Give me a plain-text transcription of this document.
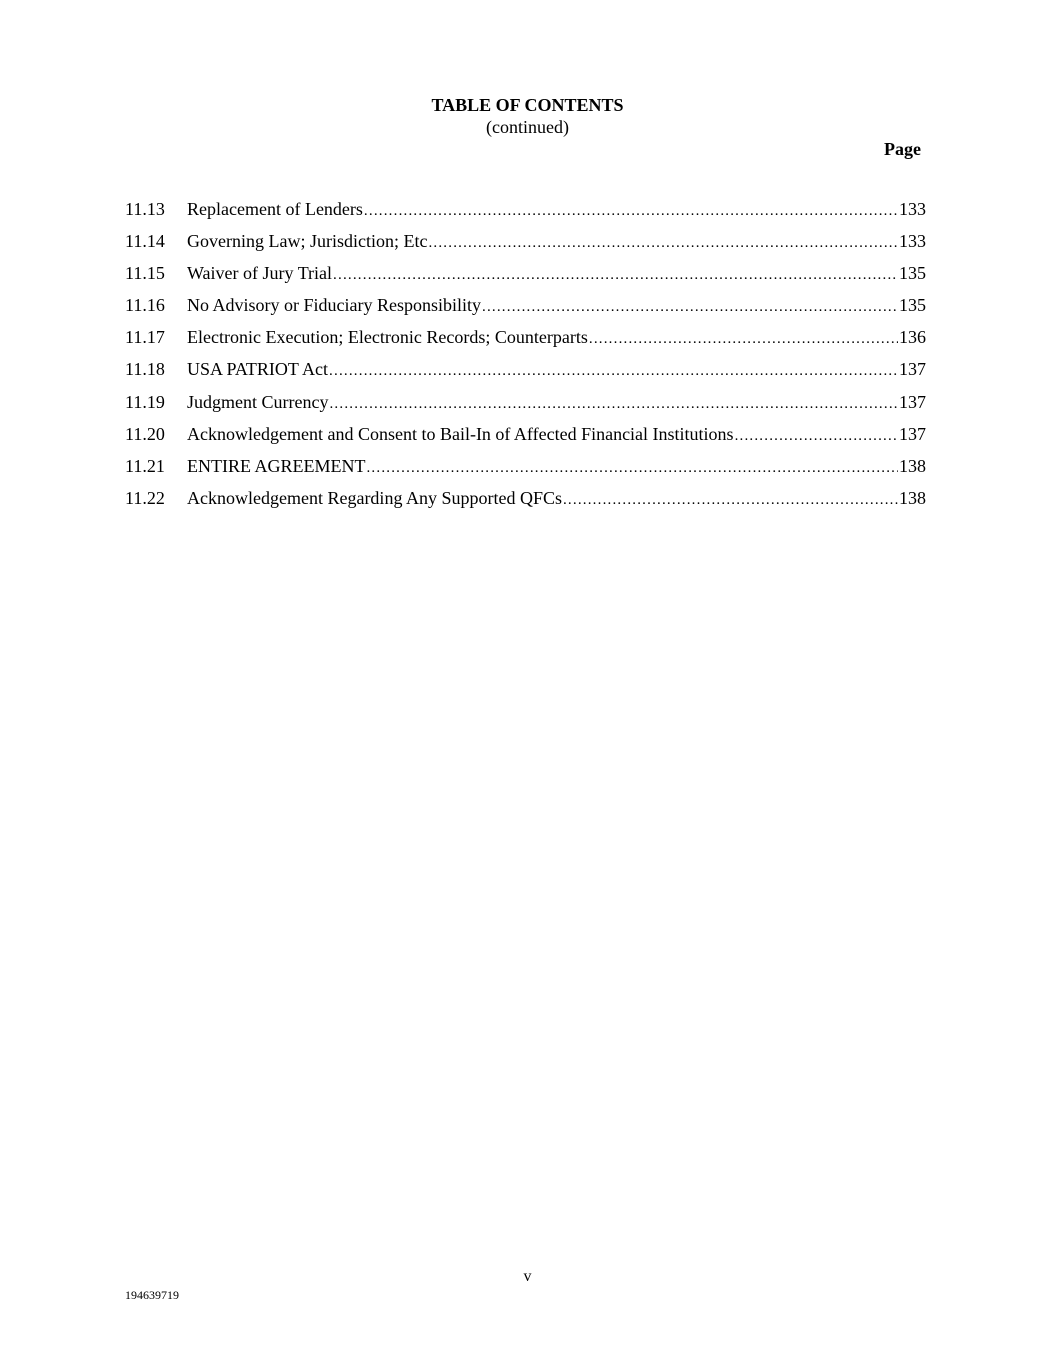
TABLE OF CONTENTS
(continued)
Page
11.13	Replacement of Lenders .....	133
11.14	Governing Law; Jurisdiction; Etc .....	133
11.15	Waiver of Jury Trial .....	135
11.16	No Advisory or Fiduciary Responsibility .....	135
11.17	Electronic Execution; Electronic Records; Counterparts .....	136
11.18	USA PATRIOT Act .....	137
11.19	Judgment Currency .....	137
11.20	Acknowledgement and Consent to Bail-In of Affected Financial Institutions .....	137
11.21	ENTIRE AGREEMENT .....	138
11.22	Acknowledgement Regarding Any Supported QFCs .....	138
v
194639719
